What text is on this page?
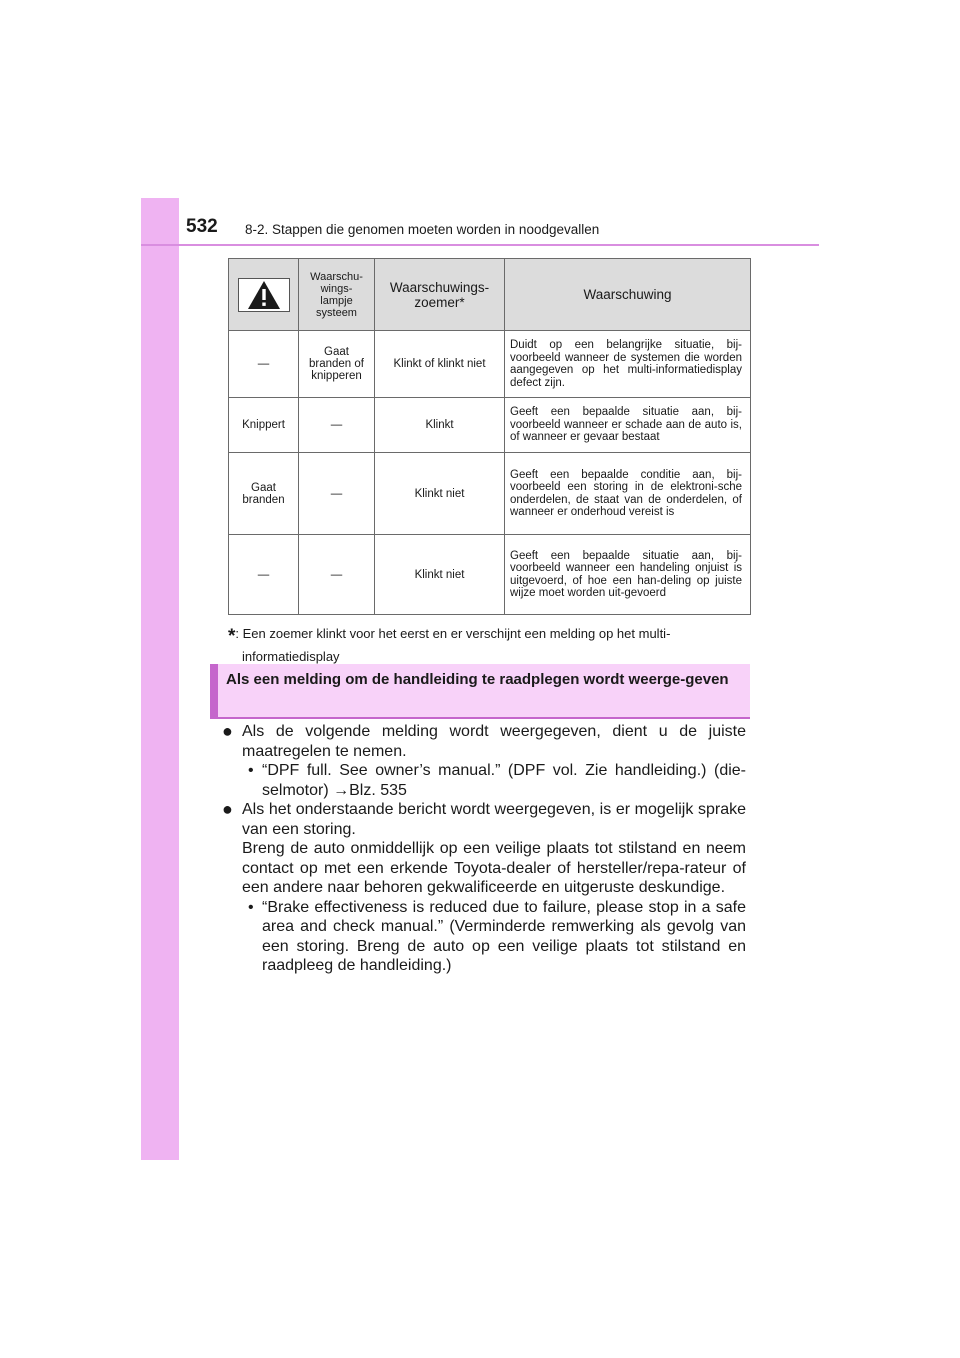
532 8-2. Stappen die genomen moeten worden in noodgevallen
	Waarschu-
wings-
lampje
systeem	Waarschuwings-
zoemer*	Waarschuwing
—	Gaat
branden of
knipperen	Klinkt of klinkt niet	Duidt op een belangrijke situatie, bij-voorbeeld wanneer de systemen die worden aangegeven op het multi-informatiedisplay defect zijn.
Knippert	—	Klinkt	Geeft een bepaalde situatie aan, bij-voorbeeld wanneer er schade aan de auto is, of wanneer er gevaar bestaat
Gaat
branden	—	Klinkt niet	Geeft een bepaalde conditie aan, bij-voorbeeld een storing in de elektroni-sche onderdelen, de staat van de onderdelen, of wanneer er onderhoud vereist is
—	—	Klinkt niet	Geeft een bepaalde situatie aan, bij-voorbeeld wanneer een handeling onjuist is uitgevoerd, of hoe een han-deling op juiste wijze moet worden uit-gevoerd
*: Een zoemer klinkt voor het eerst en er verschijnt een melding op het multi-
informatiedisplay
Als een melding om de handleiding te raadplegen wordt weerge-geven
● Als de volgende melding wordt weergegeven, dient u de juiste maatregelen te nemen.
• “DPF full. See owner’s manual.” (DPF vol. Zie handleiding.) (die-selmotor) →Blz. 535
● Als het onderstaande bericht wordt weergegeven, is er mogelijk sprake van een storing.
Breng de auto onmiddellijk op een veilige plaats tot stilstand en neem contact op met een erkende Toyota-dealer of hersteller/repa-rateur of een andere naar behoren gekwalificeerde en uitgeruste deskundige.
• “Brake effectiveness is reduced due to failure, please stop in a safe area and check manual.” (Verminderde remwerking als gevolg van een storing. Breng de auto op een veilige plaats tot stilstand en raadpleeg de handleiding.)
